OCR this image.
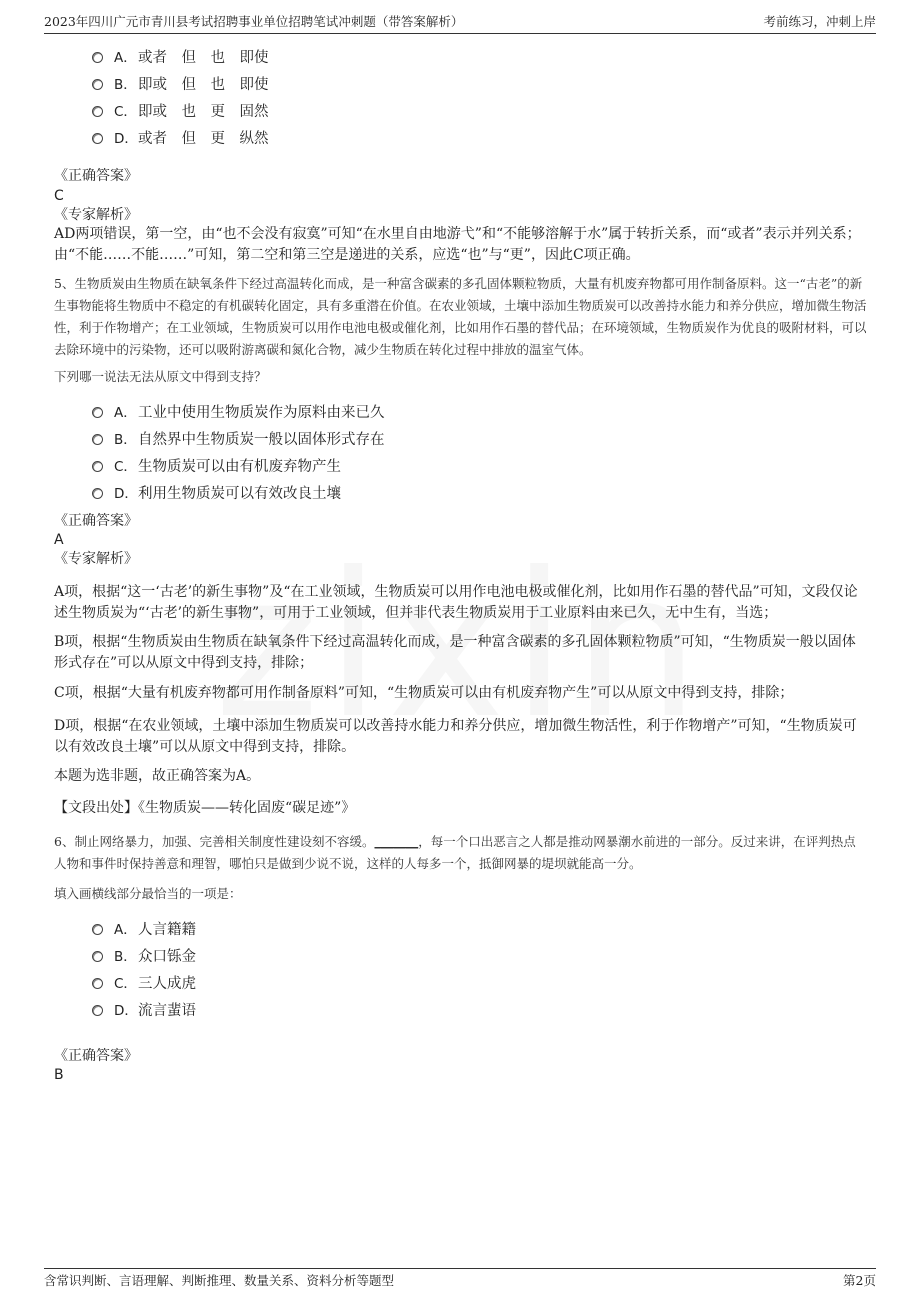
2023年四川广元市青川县考试招聘事业单位招聘笔试冲刺题（带答案解析）	考前练习，冲刺上岸
A． 或者　但　也　即使
B． 即或　但　也　即使
C． 即或　也　更　固然
D． 或者　但　更　纵然
《正确答案》
C
《专家解析》
AD两项错误，第一空，由“也不会没有寂寞”可知“在水里自由地游弋”和“不能够溶解于水”属于转折关系，而“或者”表示并列关系；由“不能……不能……”可知，第二空和第三空是递进的关系，应选“也”与“更”，因此C项正确。
5、生物质炭由生物质在缺氧条件下经过高温转化而成，是一种富含碳素的多孔固体颗粒物质，大量有机废弃物都可用作制备原料。这一“古老”的新生事物能将生物质中不稳定的有机碳转化固定，具有多重潜在价值。在农业领域，土壤中添加生物质炭可以改善持水能力和养分供应，增加微生物活性，利于作物增产；在工业领域，生物质炭可以用作电池电极或催化剂，比如用作石墨的替代品；在环境领域，生物质炭作为优良的吸附材料，可以去除环境中的污染物，还可以吸附游离碳和氮化合物，减少生物质在转化过程中排放的温室气体。
下列哪一说法无法从原文中得到支持？
A． 工业中使用生物质炭作为原料由来已久
B． 自然界中生物质炭一般以固体形式存在
C． 生物质炭可以由有机废弃物产生
D． 利用生物质炭可以有效改良土壤
《正确答案》
A
《专家解析》
A项，根据“这一‘古老’的新生事物”及“在工业领域，生物质炭可以用作电池电极或催化剂，比如用作石墨的替代品”可知，文段仅论述生物质炭为“‘古老’的新生事物”，可用于工业领域，但并非代表生物质炭用于工业原料由来已久，无中生有，当选；
B项，根据“生物质炭由生物质在缺氧条件下经过高温转化而成，是一种富含碳素的多孔固体颗粒物质”可知，“生物质炭一般以固体形式存在”可以从原文中得到支持，排除；
C项，根据“大量有机废弃物都可用作制备原料”可知，“生物质炭可以由有机废弃物产生”可以从原文中得到支持，排除；
D项，根据“在农业领域，土壤中添加生物质炭可以改善持水能力和养分供应，增加微生物活性，利于作物增产”可知，“生物质炭可以有效改良土壤”可以从原文中得到支持，排除。
本题为选非题，故正确答案为A。
【文段出处】《生物质炭——转化固废“碳足迹”》
6、制止网络暴力，加强、完善相关制度性建设刻不容缓。_______，每一个口出恶言之人都是推动网暴潮水前进的一部分。反过来讲，在评判热点人物和事件时保持善意和理智，哪怕只是做到少说不说，这样的人每多一个，抵御网暴的堤坝就能高一分。
填入画横线部分最恰当的一项是：
A． 人言籍籍
B． 众口铄金
C． 三人成虎
D． 流言蜚语
《正确答案》
B
含常识判断、言语理解、判断推理、数量关系、资料分析等题型	第2页
